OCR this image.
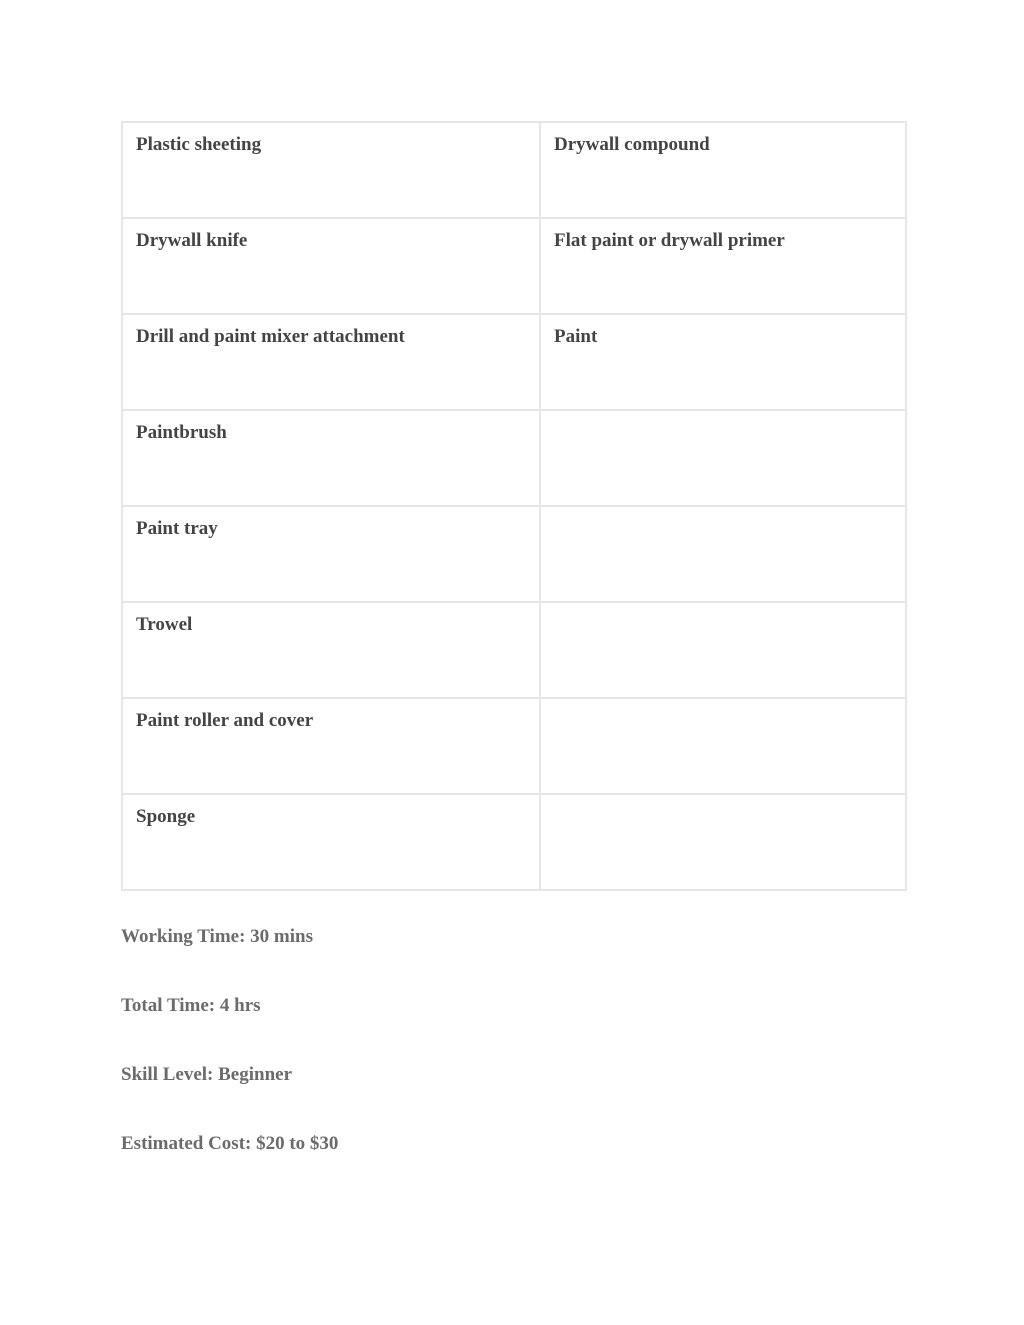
Plastic sheeting	Drywall compound
Drywall knife	Flat paint or drywall primer
Drill and paint mixer attachment	Paint
Paintbrush	
Paint tray	
Trowel	
Paint roller and cover	
Sponge	
Working Time: 30 mins
Total Time: 4 hrs
Skill Level: Beginner
Estimated Cost: $20 to $30
